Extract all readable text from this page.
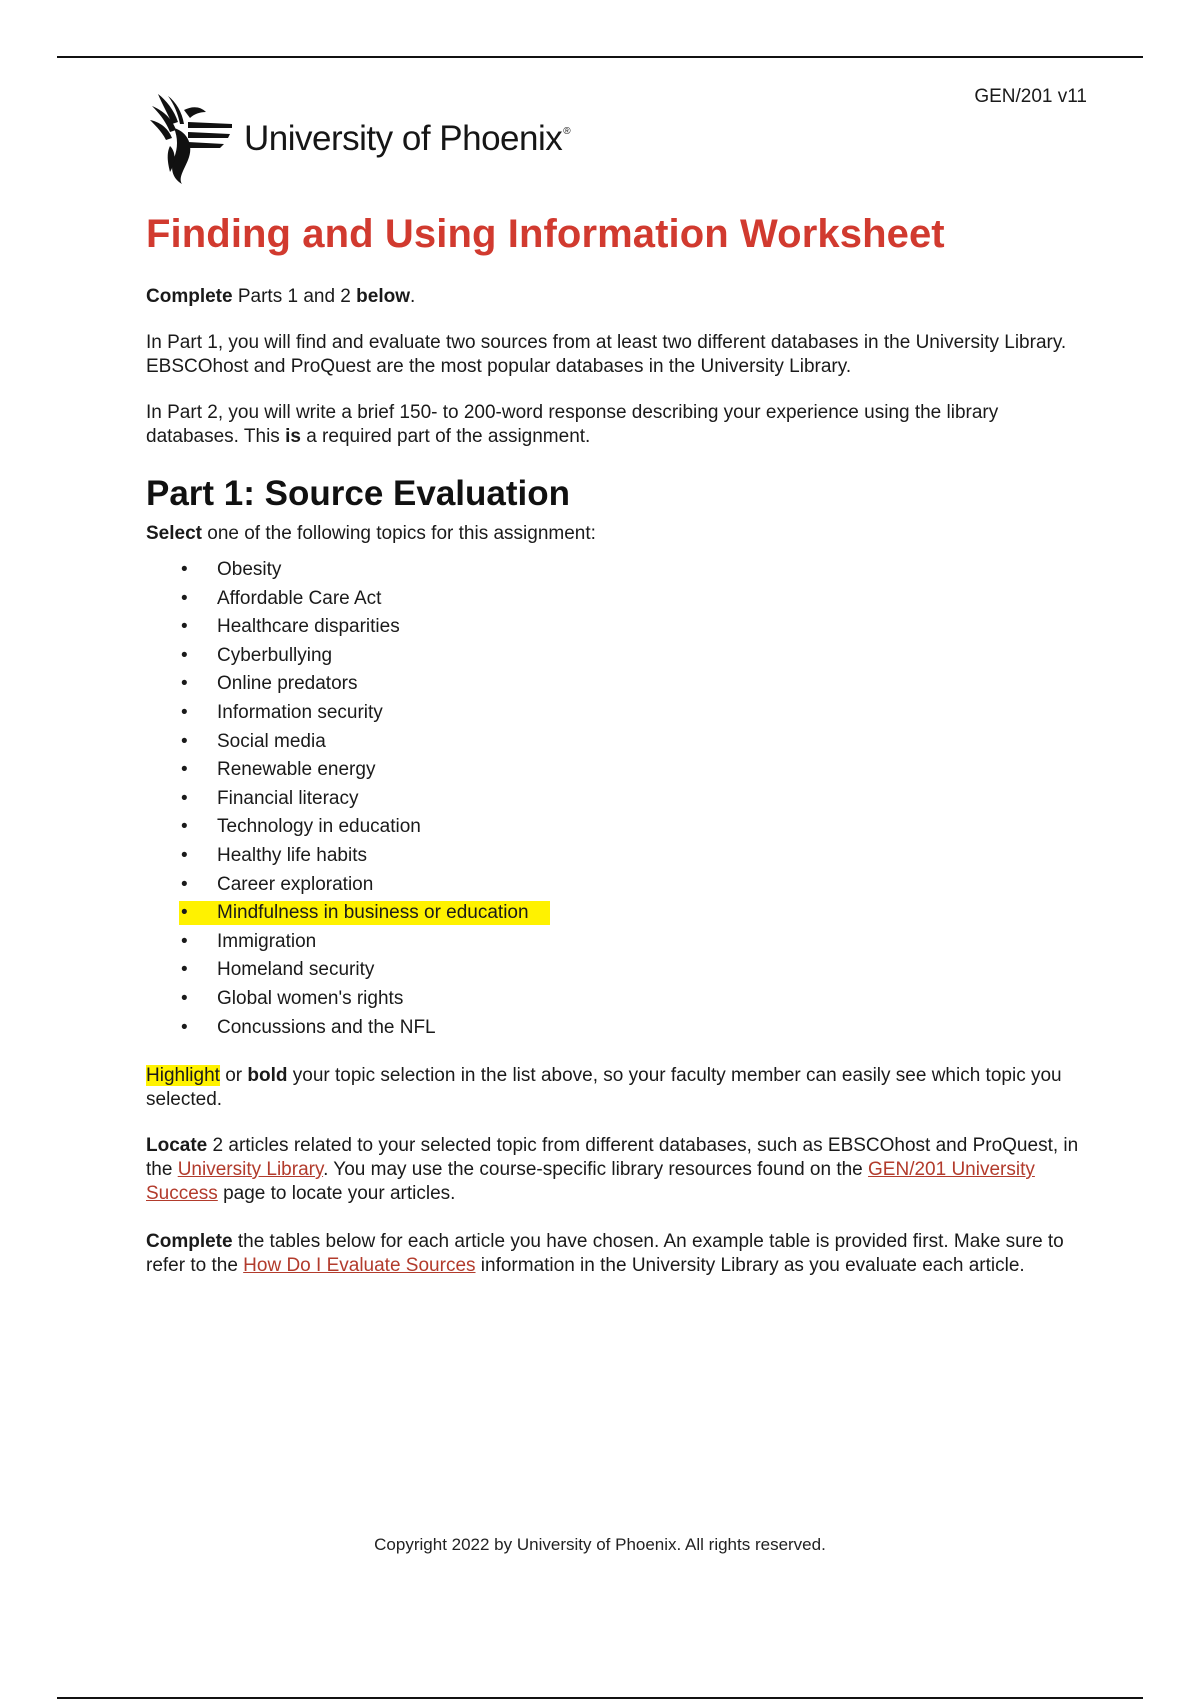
GEN/201 v11
University of Phoenix®
Finding and Using Information Worksheet

Complete Parts 1 and 2 below.

In Part 1, you will find and evaluate two sources from at least two different databases in the University Library. EBSCOhost and ProQuest are the most popular databases in the University Library.

In Part 2, you will write a brief 150- to 200-word response describing your experience using the library databases. This is a required part of the assignment.

Part 1: Source Evaluation

Select one of the following topics for this assignment:

• Obesity
• Affordable Care Act
• Healthcare disparities
• Cyberbullying
• Online predators
• Information security
• Social media
• Renewable energy
• Financial literacy
• Technology in education
• Healthy life habits
• Career exploration
• Mindfulness in business or education
• Immigration
• Homeland security
• Global women's rights
• Concussions and the NFL

Highlight or bold your topic selection in the list above, so your faculty member can easily see which topic you selected.

Locate 2 articles related to your selected topic from different databases, such as EBSCOhost and ProQuest, in the University Library. You may use the course-specific library resources found on the GEN/201 University Success page to locate your articles.

Complete the tables below for each article you have chosen. An example table is provided first. Make sure to refer to the How Do I Evaluate Sources information in the University Library as you evaluate each article.

Copyright 2022 by University of Phoenix. All rights reserved.
